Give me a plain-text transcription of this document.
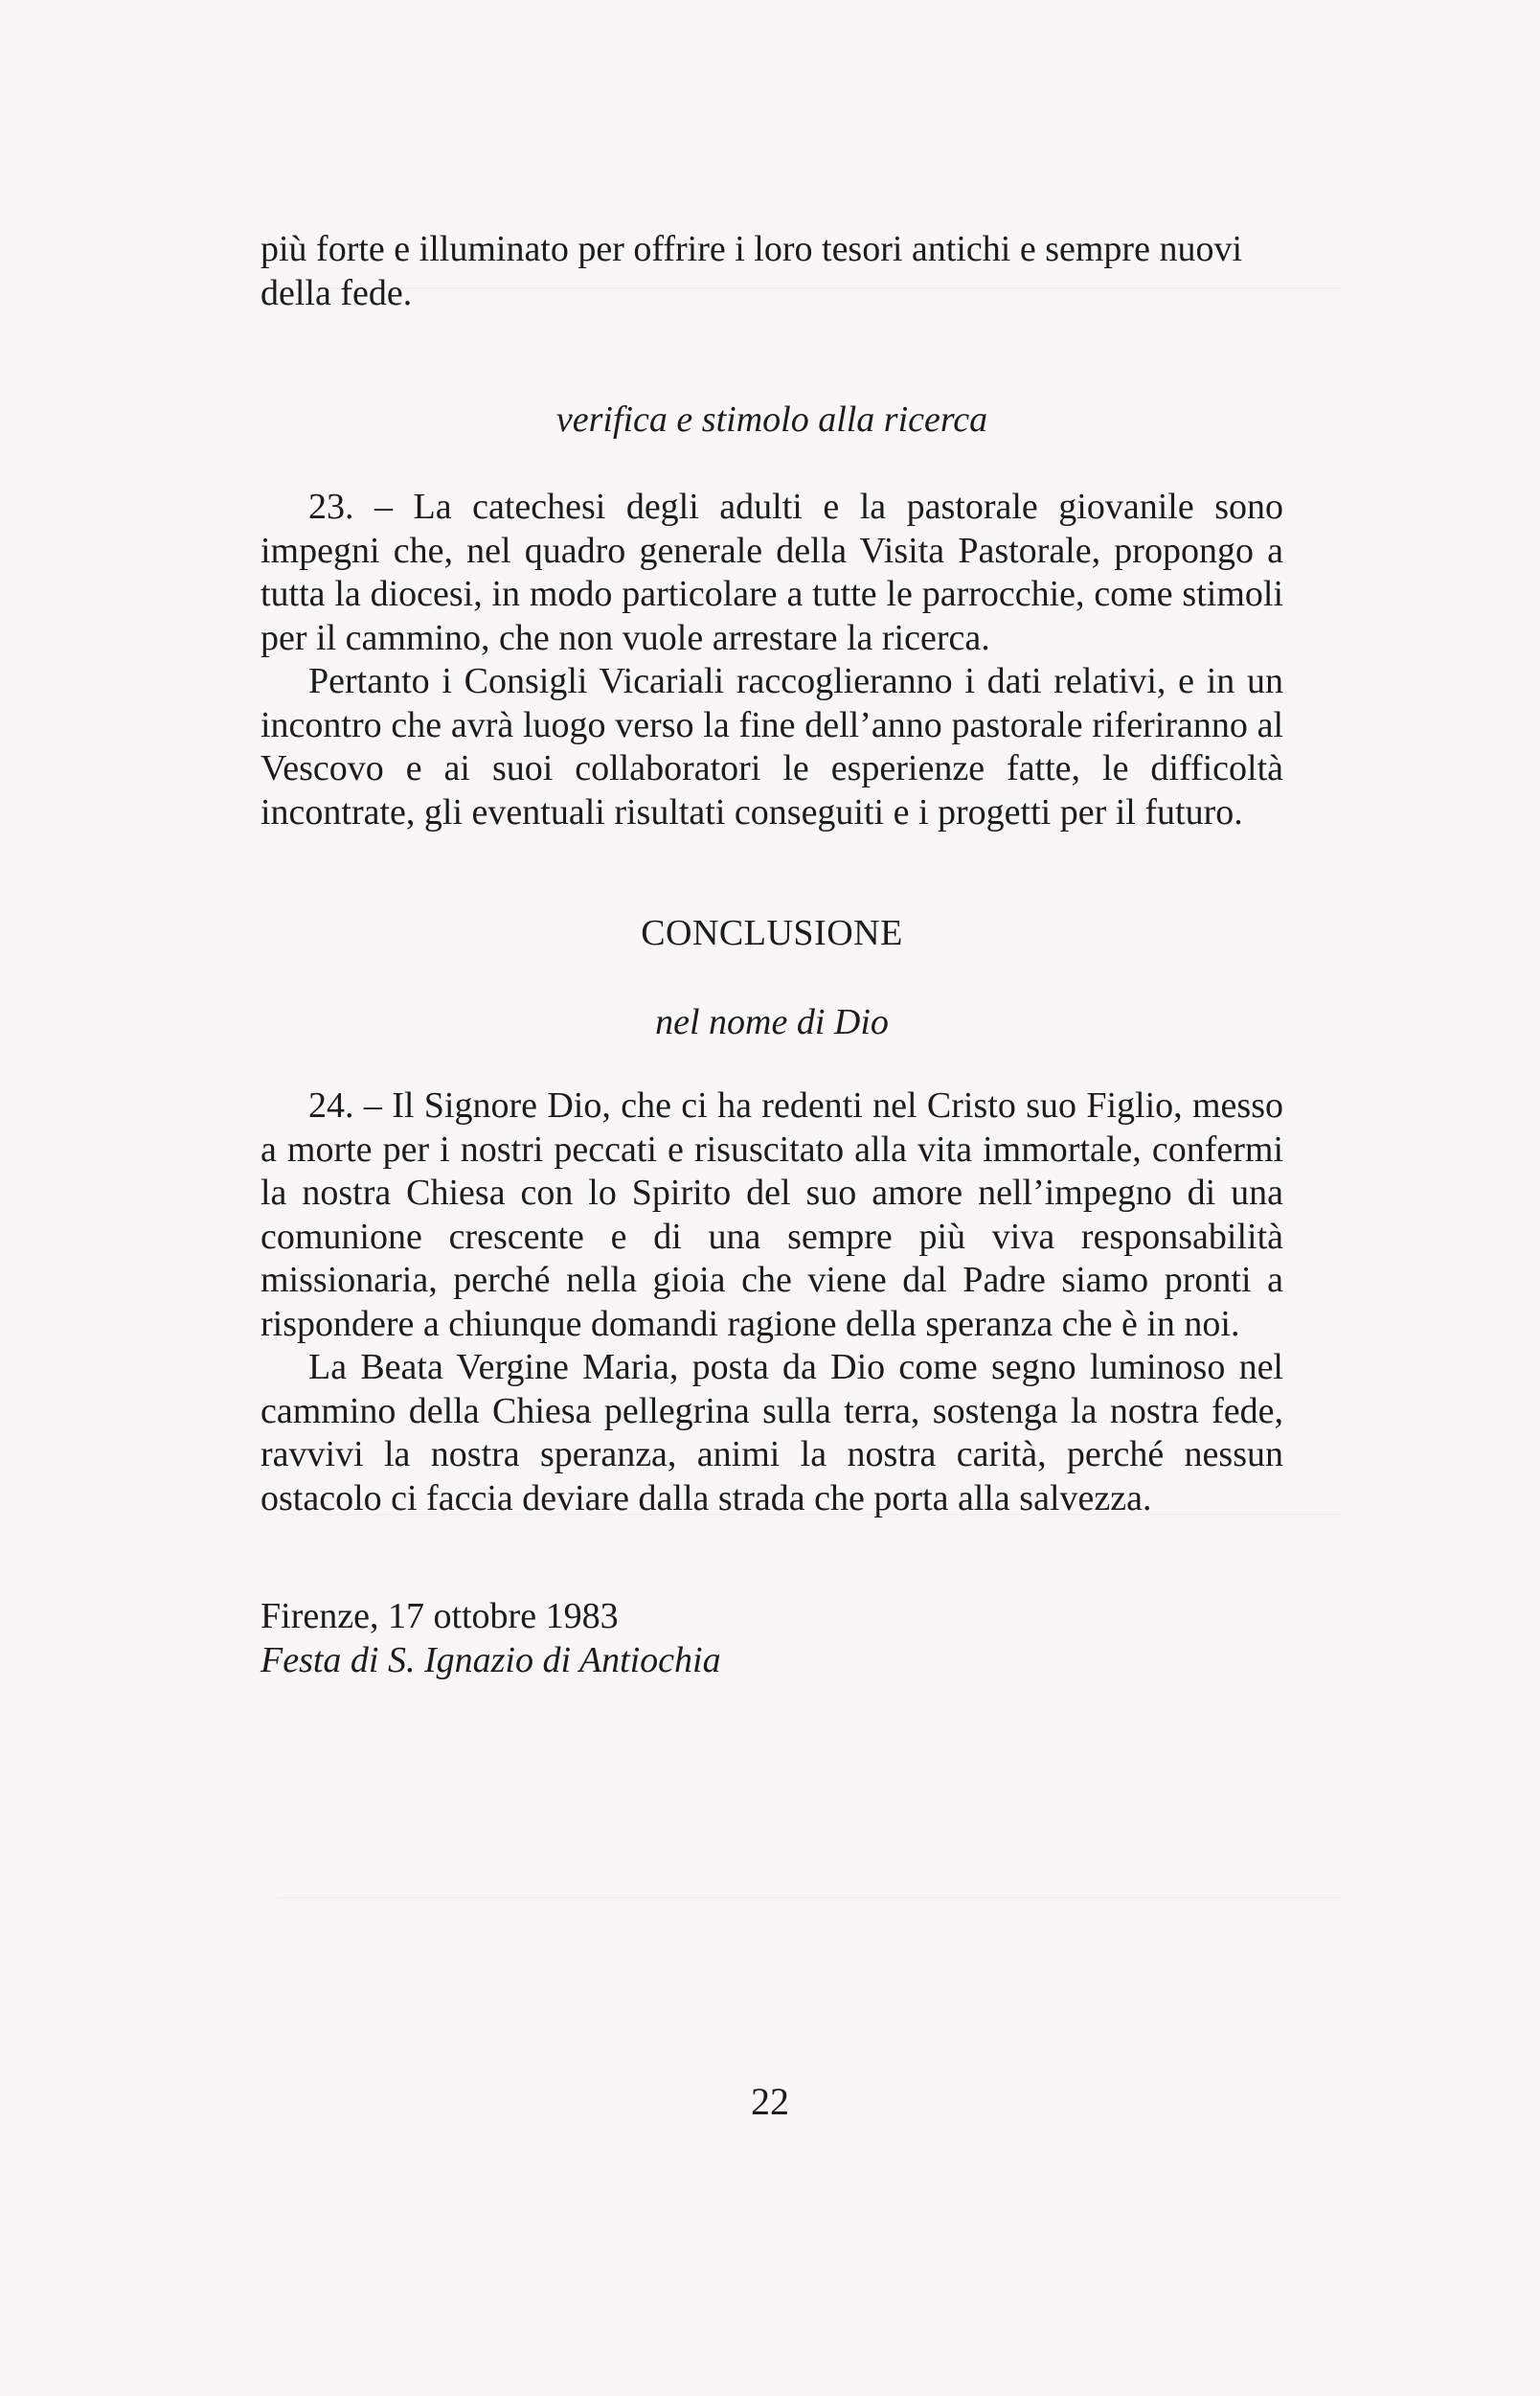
più forte e illuminato per offrire i loro tesori antichi e sempre nuovi della fede.

verifica e stimolo alla ricerca

23. – La catechesi degli adulti e la pastorale giovanile sono impegni che, nel quadro generale della Visita Pastorale, propongo a tutta la diocesi, in modo particolare a tutte le parrocchie, come stimoli per il cammino, che non vuole arrestare la ricerca.

Pertanto i Consigli Vicariali raccoglieranno i dati relativi, e in un incontro che avrà luogo verso la fine dell’anno pastorale riferiranno al Vescovo e ai suoi collaboratori le esperienze fatte, le difficoltà incontrate, gli eventuali risultati conseguiti e i progetti per il futuro.

CONCLUSIONE
nel nome di Dio

24. – Il Signore Dio, che ci ha redenti nel Cristo suo Figlio, messo a morte per i nostri peccati e risuscitato alla vita immortale, confermi la nostra Chiesa con lo Spirito del suo amore nell’impegno di una comunione crescente e di una sempre più viva responsabilità missionaria, perché nella gioia che viene dal Padre siamo pronti a rispondere a chiunque domandi ragione della speranza che è in noi.

La Beata Vergine Maria, posta da Dio come segno luminoso nel cammino della Chiesa pellegrina sulla terra, sostenga la nostra fede, ravvivi la nostra speranza, animi la nostra carità, perché nessun ostacolo ci faccia deviare dalla strada che porta alla salvezza.

Firenze, 17 ottobre 1983
Festa di S. Ignazio di Antiochia
22
